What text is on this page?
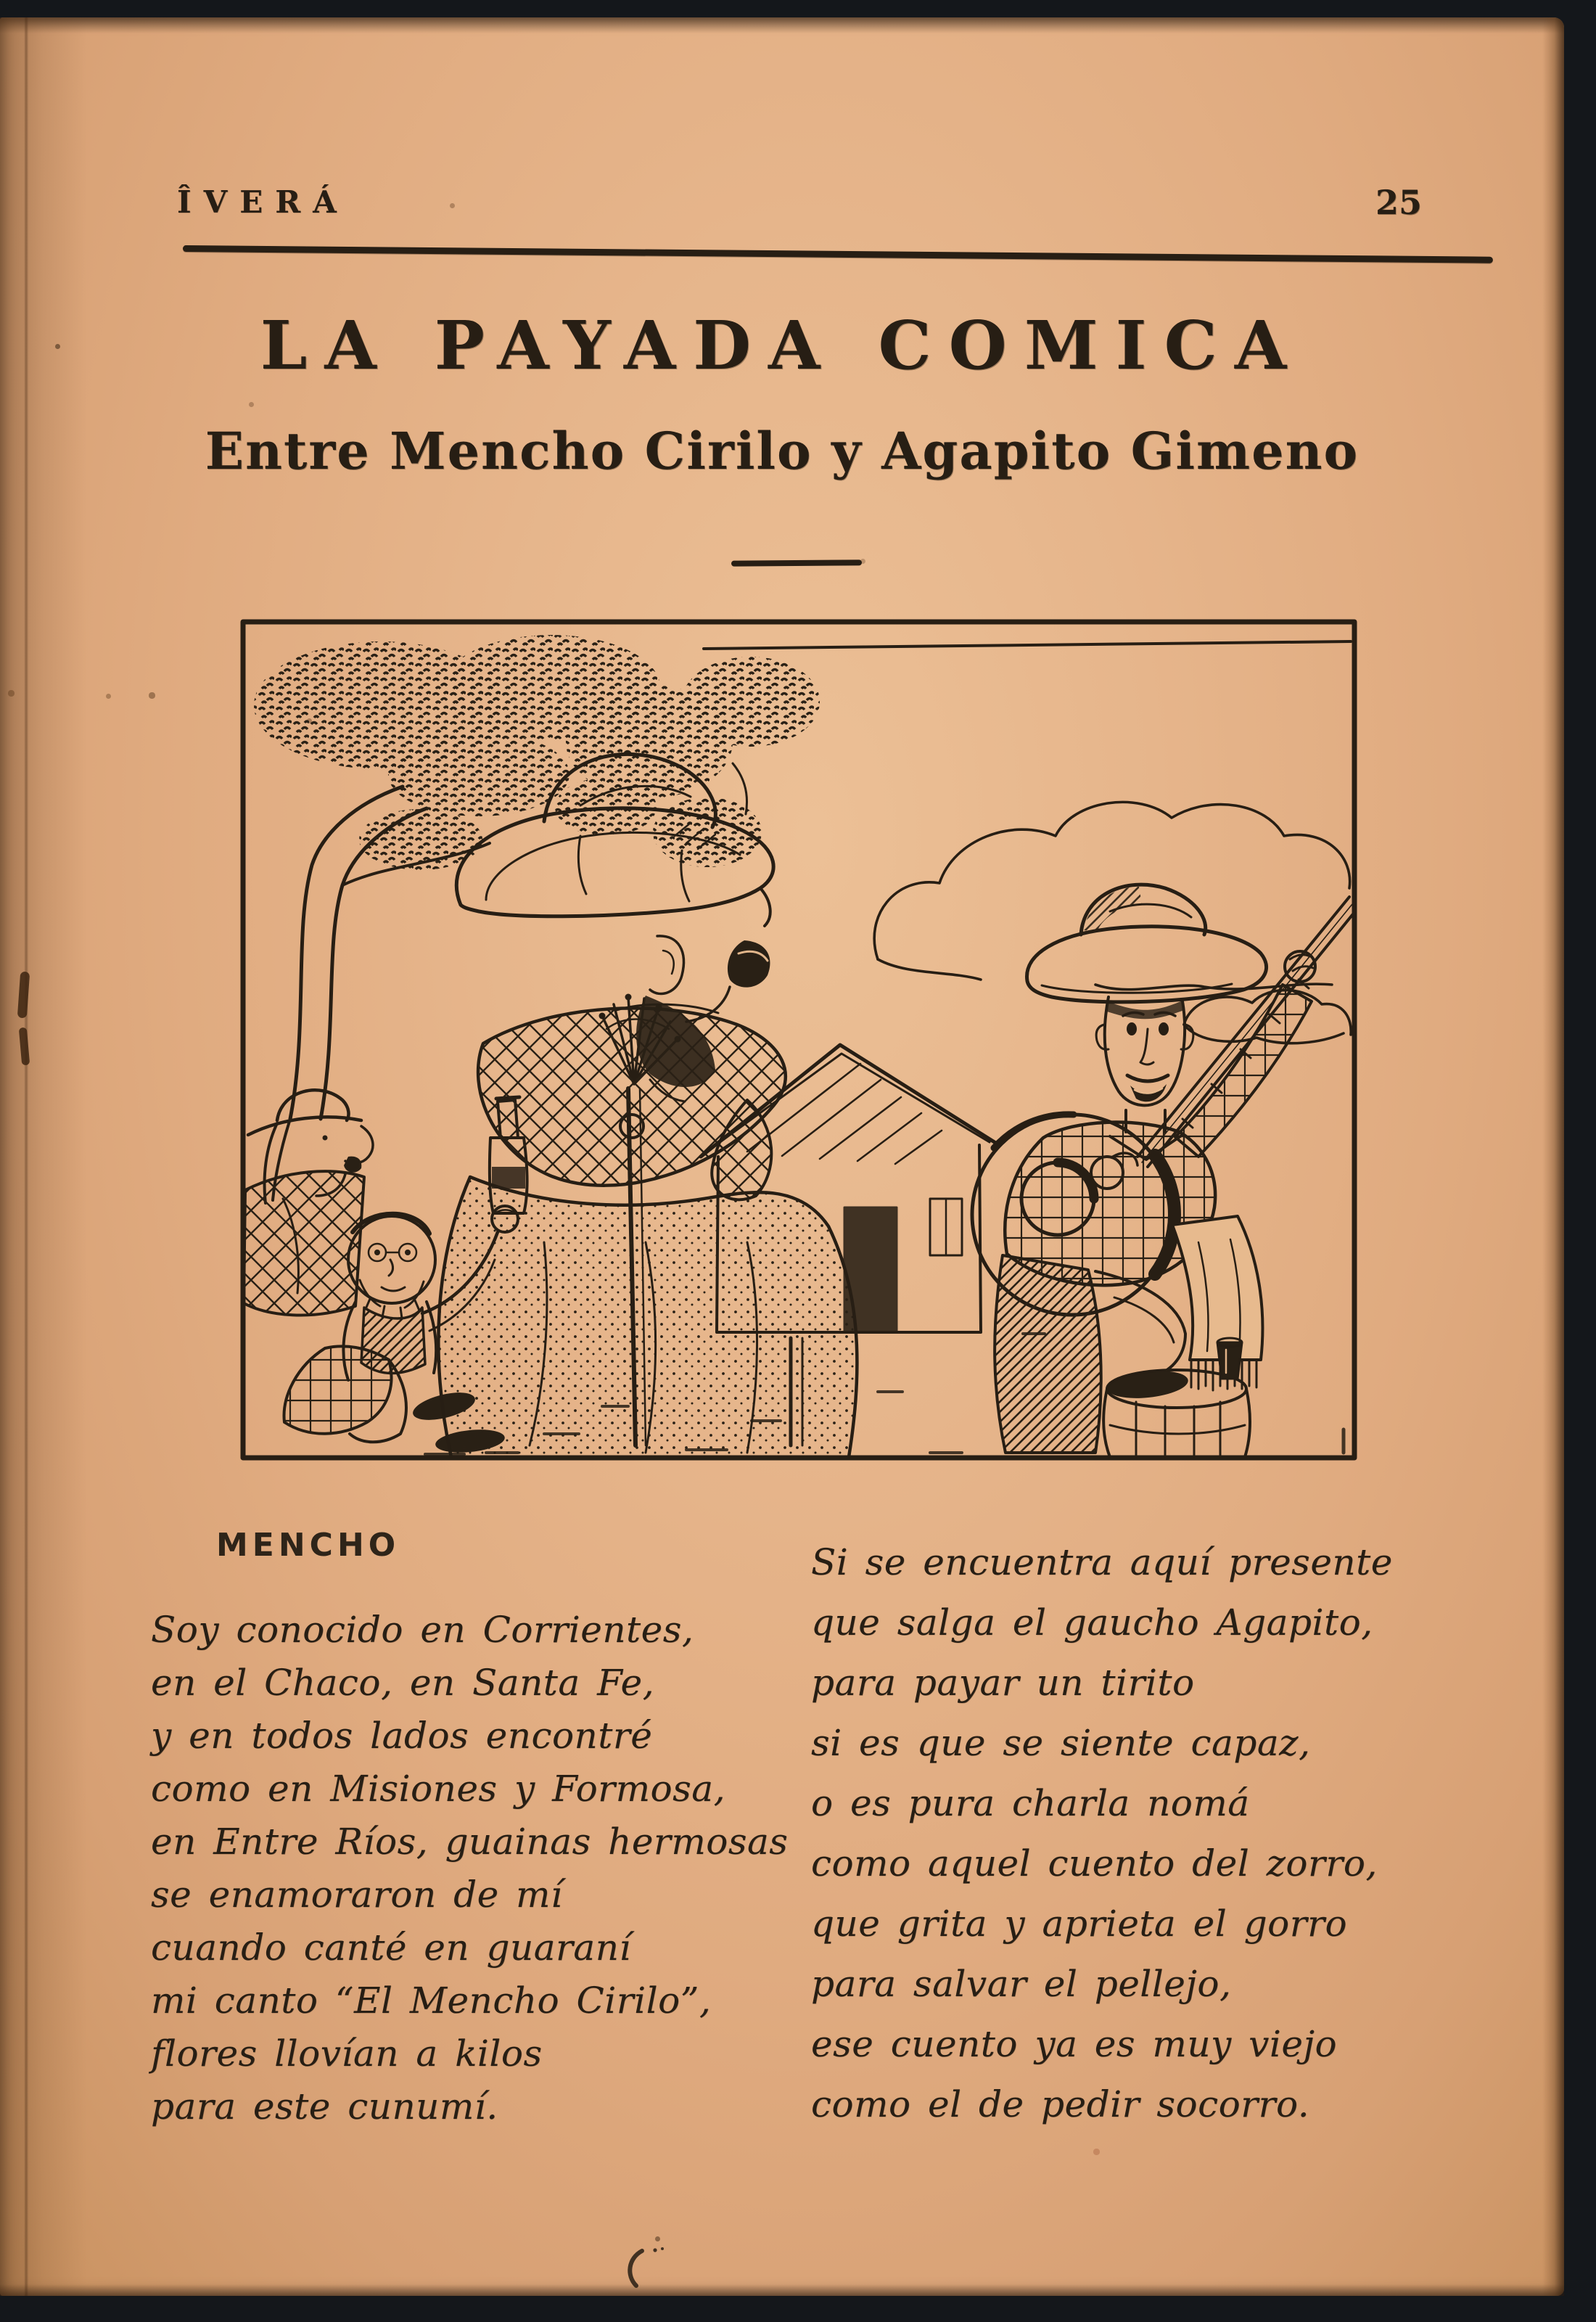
ÎVERÁ	25
LA PAYADA COMICA
Entre Mencho Cirilo y Agapito Gimeno
MENCHO

Soy conocido en Corrientes,

en el Chaco, en Santa Fe,

y en todos lados encontré

como en Misiones y Formosa,

en Entre Ríos, guainas hermosas

se enamoraron de mí

cuando canté en guaraní

mi canto “El Mencho Cirilo”,

flores llovían a kilos

para este cunumí.

Si se encuentra aquí presente

que salga el gaucho Agapito,

para payar un tirito

si es que se siente capaz,

o es pura charla nomá

como aquel cuento del zorro,

que grita y aprieta el gorro

para salvar el pellejo,

ese cuento ya es muy viejo

como el de pedir socorro.
